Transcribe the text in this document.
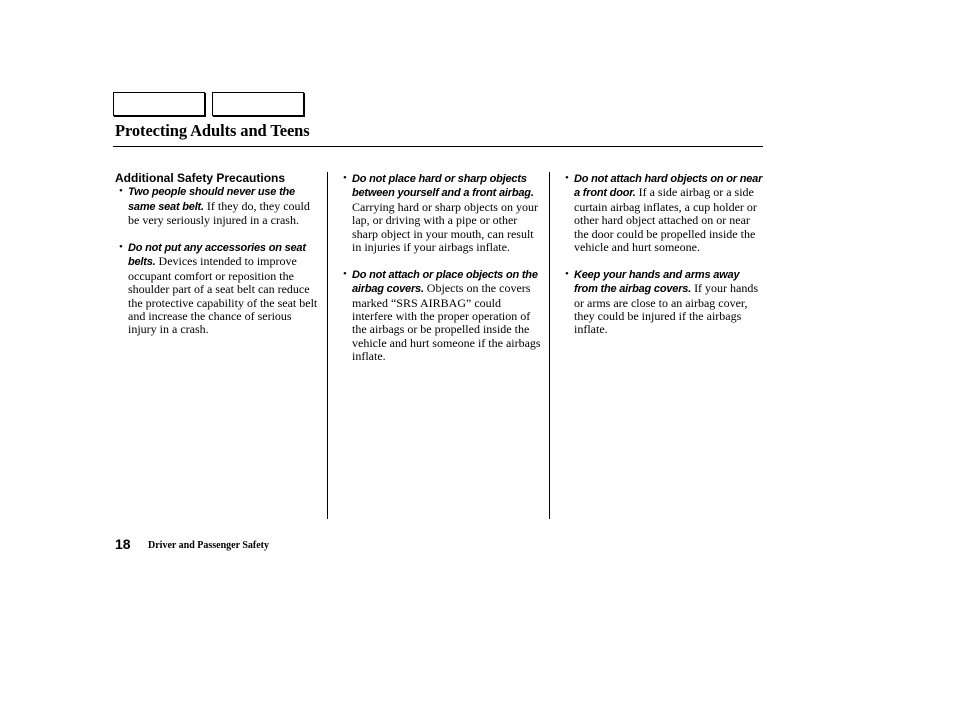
Protecting Adults and Teens
Additional Safety Precautions
• Two people should never use the same seat belt. If they do, they could be very seriously injured in a crash.
• Do not put any accessories on seat belts. Devices intended to improve occupant comfort or reposition the shoulder part of a seat belt can reduce the protective capability of the seat belt and increase the chance of serious injury in a crash.
• Do not place hard or sharp objects between yourself and a front airbag. Carrying hard or sharp objects on your lap, or driving with a pipe or other sharp object in your mouth, can result in injuries if your airbags inflate.
• Do not attach or place objects on the airbag covers. Objects on the covers marked “SRS AIRBAG” could interfere with the proper operation of the airbags or be propelled inside the vehicle and hurt someone if the airbags inflate.
• Do not attach hard objects on or near a front door. If a side airbag or a side curtain airbag inflates, a cup holder or other hard object attached on or near the door could be propelled inside the vehicle and hurt someone.
• Keep your hands and arms away from the airbag covers. If your hands or arms are close to an airbag cover, they could be injured if the airbags inflate.
18 Driver and Passenger Safety
